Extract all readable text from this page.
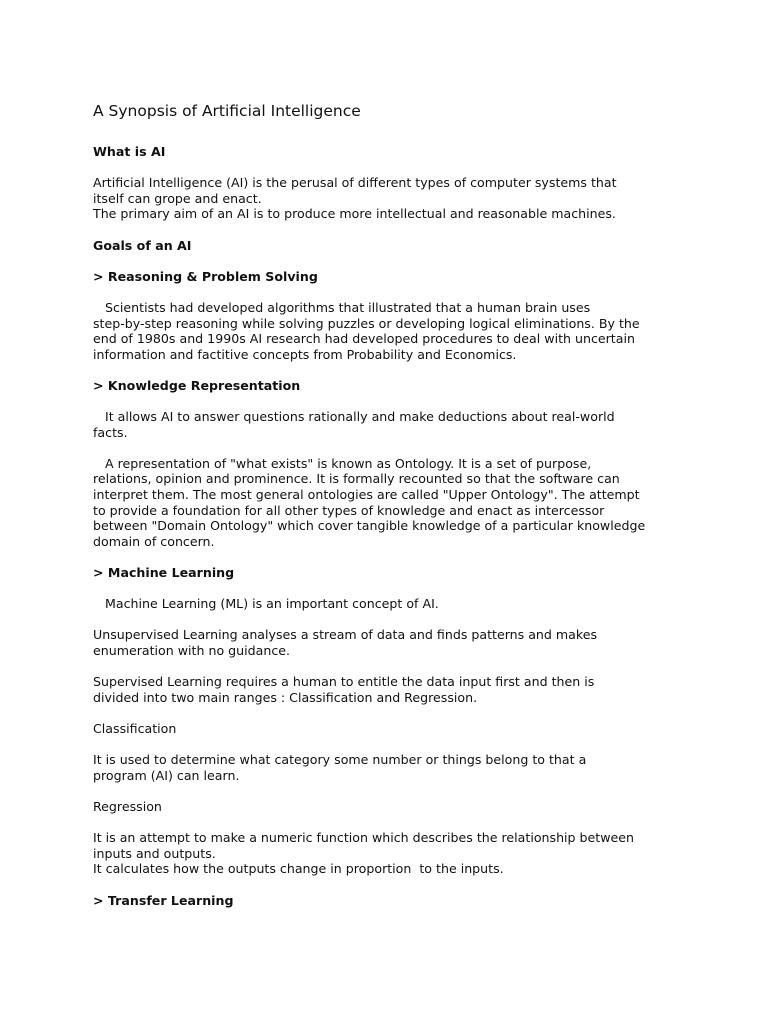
A Synopsis of Artificial Intelligence
What is AI
Artificial Intelligence (AI) is the perusal of different types of computer systems that
itself can grope and enact.
The primary aim of an AI is to produce more intellectual and reasonable machines.
Goals of an AI
> Reasoning & Problem Solving
Scientists had developed algorithms that illustrated that a human brain uses
step-by-step reasoning while solving puzzles or developing logical eliminations. By the
end of 1980s and 1990s AI research had developed procedures to deal with uncertain
information and factitive concepts from Probability and Economics.
> Knowledge Representation
It allows AI to answer questions rationally and make deductions about real-world
facts.
A representation of "what exists" is known as Ontology. It is a set of purpose,
relations, opinion and prominence. It is formally recounted so that the software can
interpret them. The most general ontologies are called "Upper Ontology". The attempt
to provide a foundation for all other types of knowledge and enact as intercessor
between "Domain Ontology" which cover tangible knowledge of a particular knowledge
domain of concern.
> Machine Learning
Machine Learning (ML) is an important concept of AI.
Unsupervised Learning analyses a stream of data and finds patterns and makes
enumeration with no guidance.
Supervised Learning requires a human to entitle the data input first and then is
divided into two main ranges : Classification and Regression.
Classification
It is used to determine what category some number or things belong to that a
program (AI) can learn.
Regression
It is an attempt to make a numeric function which describes the relationship between
inputs and outputs.
It calculates how the outputs change in proportion  to the inputs.
> Transfer Learning
